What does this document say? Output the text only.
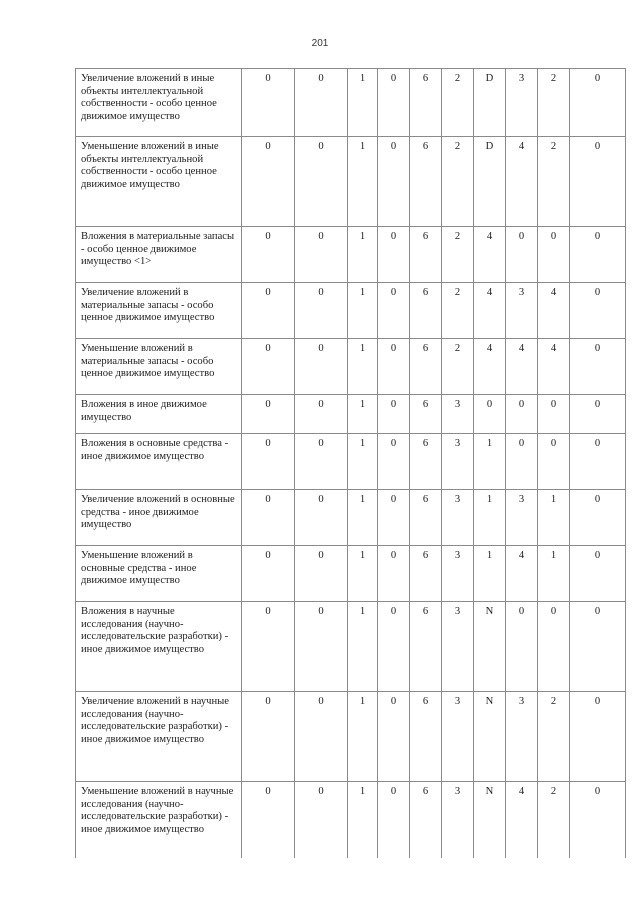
201
Увеличение вложений в иные объекты интеллектуальной собственности - особо ценное движимое имущество	0	0	1	0	6	2	D	3	2	0
Уменьшение вложений в иные объекты интеллектуальной собственности - особо ценное движимое имущество	0	0	1	0	6	2	D	4	2	0
Вложения в материальные запасы - особо ценное движимое имущество <1>	0	0	1	0	6	2	4	0	0	0
Увеличение вложений в материальные запасы - особо ценное движимое имущество	0	0	1	0	6	2	4	3	4	0
Уменьшение вложений в материальные запасы - особо ценное движимое имущество	0	0	1	0	6	2	4	4	4	0
Вложения в иное движимое имущество	0	0	1	0	6	3	0	0	0	0
Вложения в основные средства - иное движимое имущество	0	0	1	0	6	3	1	0	0	0
Увеличение вложений в основные средства - иное движимое имущество	0	0	1	0	6	3	1	3	1	0
Уменьшение вложений в основные средства - иное движимое имущество	0	0	1	0	6	3	1	4	1	0
Вложения в научные исследования (научно-исследовательские разработки) - иное движимое имущество	0	0	1	0	6	3	N	0	0	0
Увеличение вложений в научные исследования (научно-исследовательские разработки) - иное движимое имущество	0	0	1	0	6	3	N	3	2	0
Уменьшение вложений в научные исследования (научно-исследовательские разработки) - иное движимое имущество	0	0	1	0	6	3	N	4	2	0
